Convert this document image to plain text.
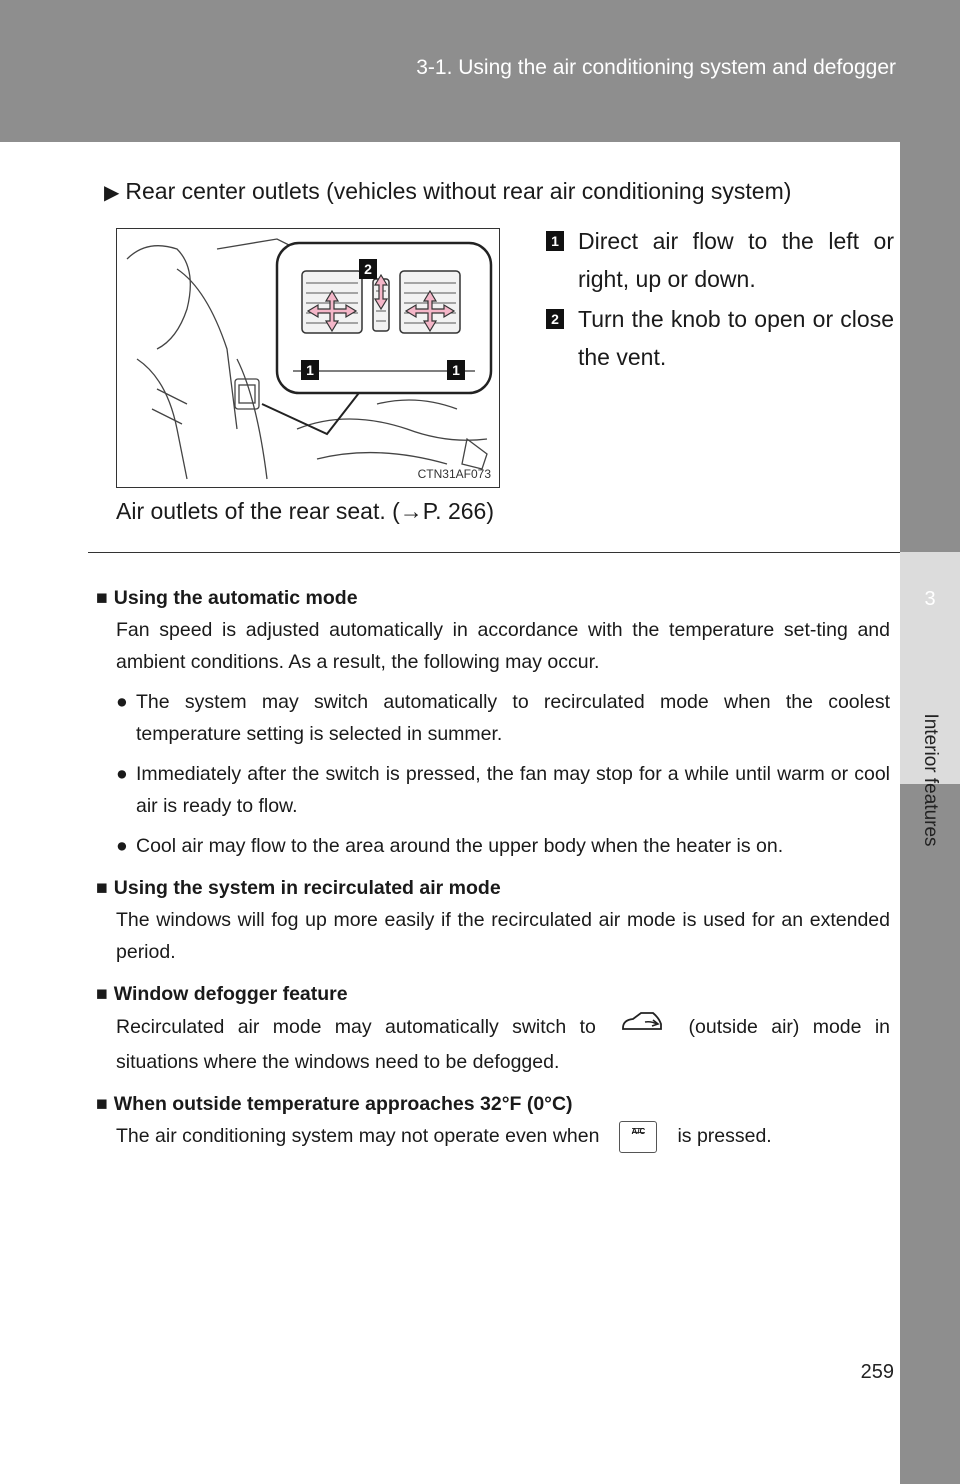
3-1. Using the air conditioning system and defogger
3
Interior features
▶ Rear center outlets (vehicles without rear air conditioning system)
1	1
2
CTN31AF073
1 Direct air flow to the left or right, up or down.
2 Turn the knob to open or close the vent.
Air outlets of the rear seat. (→P. 266)
■ Using the automatic mode
Fan speed is adjusted automatically in accordance with the temperature set-ting and ambient conditions. As a result, the following may occur.
● The system may switch automatically to recirculated mode when the coolest temperature setting is selected in summer.
● Immediately after the switch is pressed, the fan may stop for a while until warm or cool air is ready to flow.
● Cool air may flow to the area around the upper body when the heater is on.
■ Using the system in recirculated air mode
The windows will fog up more easily if the recirculated air mode is used for an extended period.
■ Window defogger feature
Recirculated air mode may automatically switch to	(outside air) mode in situations where the windows need to be defogged.
■ When outside temperature approaches 32°F (0°C)
The air conditioning system may not operate even when	A/C	is pressed.
259
